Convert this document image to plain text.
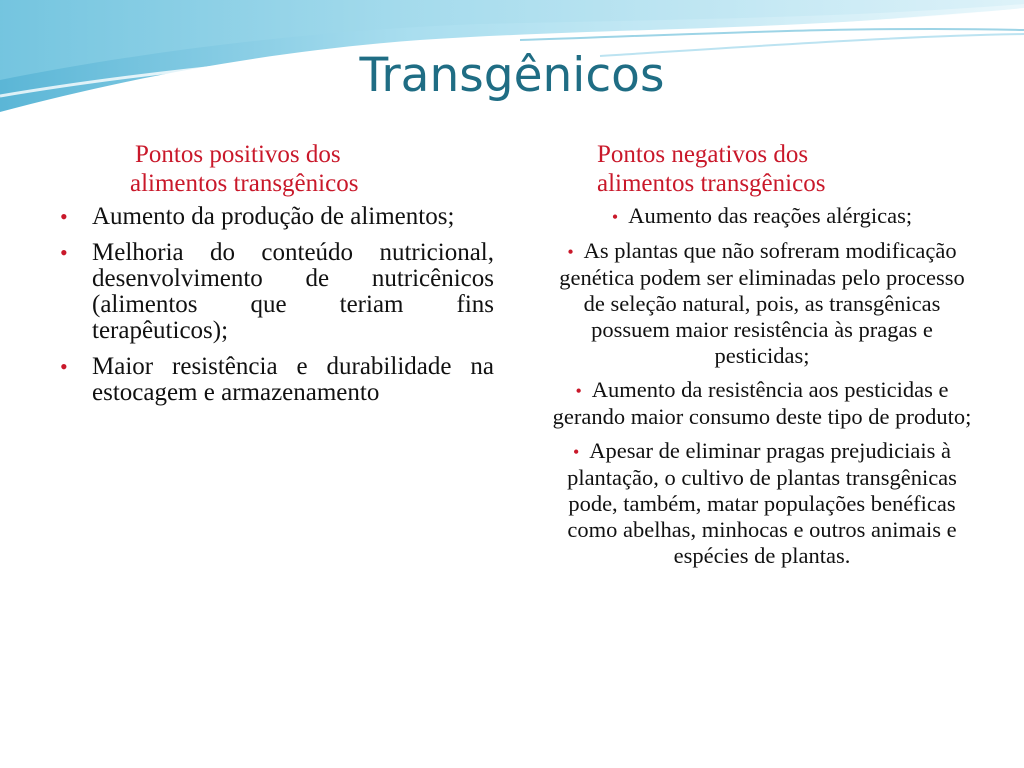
Transgênicos
Pontos positivos dos
alimentos transgênicos
Pontos negativos dos
alimentos transgênicos
• Aumento da produção de alimentos;
• Melhoria do conteúdo nutricional, desenvolvimento de nutricênicos (alimentos que teriam fins terapêuticos);
• Maior resistência e durabilidade na estocagem e armazenamento
• Aumento das reações alérgicas;
• As plantas que não sofreram modificação genética podem ser eliminadas pelo processo de seleção natural, pois, as transgênicas possuem maior resistência às pragas e pesticidas;
• Aumento da resistência aos pesticidas e gerando maior consumo deste tipo de produto;
• Apesar de eliminar pragas prejudiciais à plantação, o cultivo de plantas transgênicas pode, também, matar populações benéficas como abelhas, minhocas e outros animais e espécies de plantas.
